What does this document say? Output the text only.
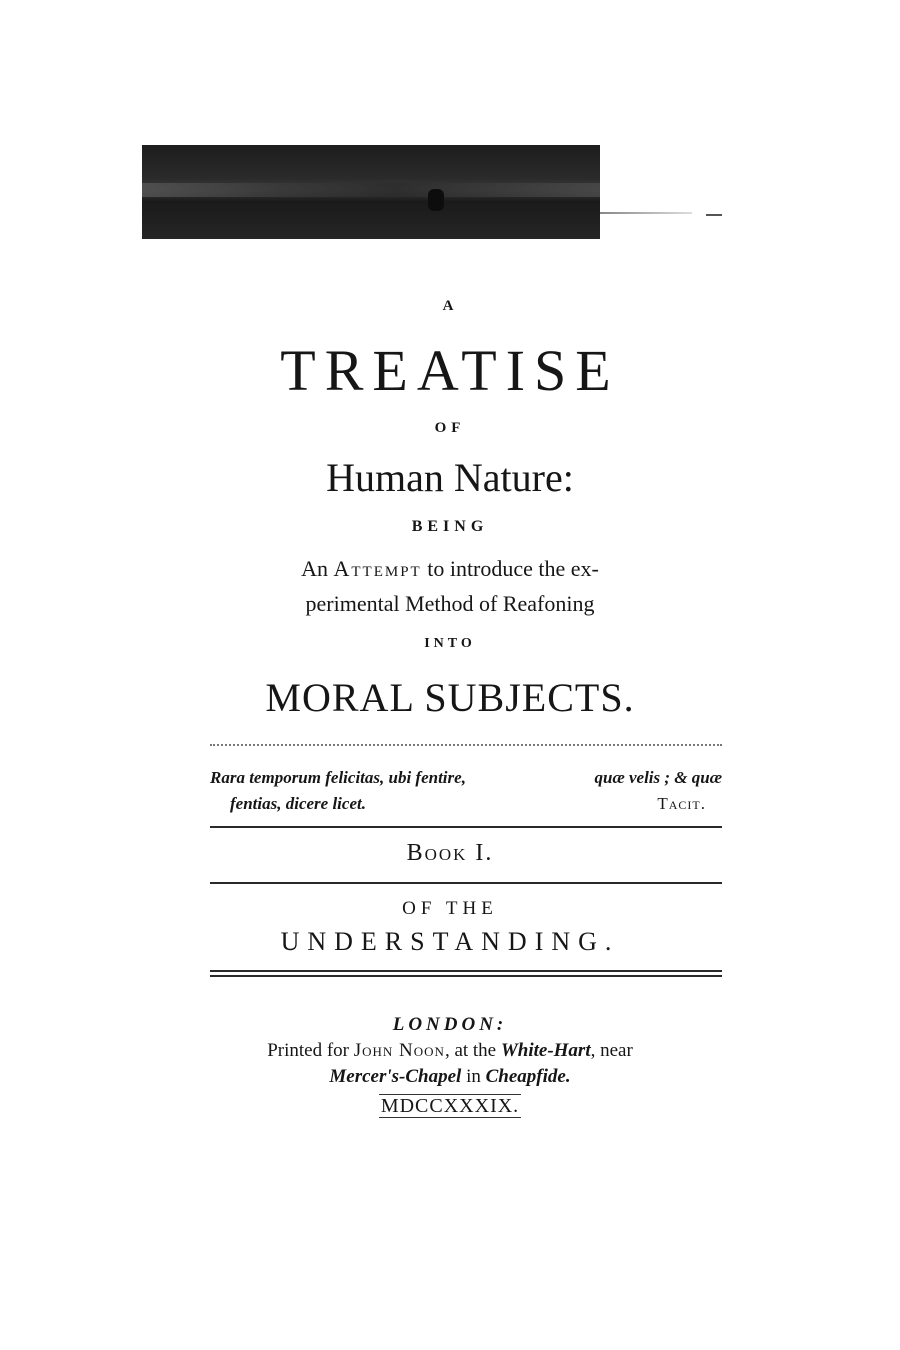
A
TREATISE
OF
Human Nature:
BEING
An Attempt to introduce the ex-
perimental Method of Reafoning
INTO
MORAL SUBJECTS.
Rara temporum felicitas, ubi fentire,	quæ velis ; & quæ
fentias, dicere licet.	Tacit.
Book I.
OF THE
UNDERSTANDING.
LONDON:
Printed for John Noon, at the White-Hart, near
Mercer's-Chapel in Cheapfide.
MDCCXXXIX.
